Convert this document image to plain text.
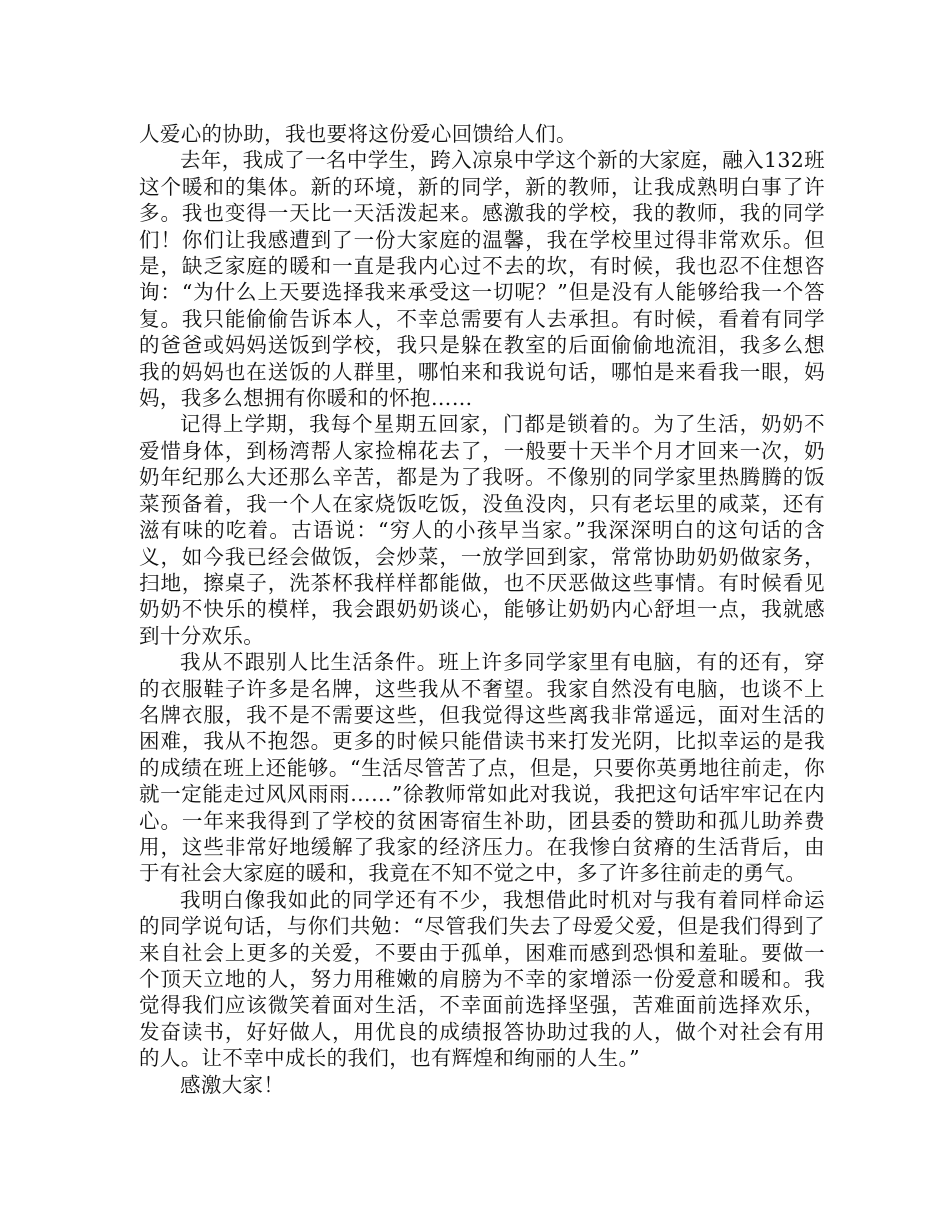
人爱心的协助，我也要将这份爱心回馈给人们。

去年，我成了一名中学生，跨入凉泉中学这个新的大家庭，融入132班这个暖和的集体。新的环境，新的同学，新的教师，让我成熟明白事了许多。我也变得一天比一天活泼起来。感激我的学校，我的教师，我的同学们！你们让我感遭到了一份大家庭的温馨，我在学校里过得非常欢乐。但是，缺乏家庭的暖和一直是我内心过不去的坎，有时候，我也忍不住想咨询：“为什么上天要选择我来承受这一切呢？”但是没有人能够给我一个答复。我只能偷偷告诉本人，不幸总需要有人去承担。有时候，看着有同学的爸爸或妈妈送饭到学校，我只是躲在教室的后面偷偷地流泪，我多么想我的妈妈也在送饭的人群里，哪怕来和我说句话，哪怕是来看我一眼，妈妈，我多么想拥有你暖和的怀抱……

记得上学期，我每个星期五回家，门都是锁着的。为了生活，奶奶不爱惜身体，到杨湾帮人家捡棉花去了，一般要十天半个月才回来一次，奶奶年纪那么大还那么辛苦，都是为了我呀。不像别的同学家里热腾腾的饭菜预备着，我一个人在家烧饭吃饭，没鱼没肉，只有老坛里的咸菜，还有滋有味的吃着。古语说：“穷人的小孩早当家。”我深深明白的这句话的含义，如今我已经会做饭，会炒菜，一放学回到家，常常协助奶奶做家务，扫地，擦桌子，洗茶杯我样样都能做，也不厌恶做这些事情。有时候看见奶奶不快乐的模样，我会跟奶奶谈心，能够让奶奶内心舒坦一点，我就感到十分欢乐。

我从不跟别人比生活条件。班上许多同学家里有电脑，有的还有，穿的衣服鞋子许多是名牌，这些我从不奢望。我家自然没有电脑，也谈不上名牌衣服，我不是不需要这些，但我觉得这些离我非常遥远，面对生活的困难，我从不抱怨。更多的时候只能借读书来打发光阴，比拟幸运的是我的成绩在班上还能够。“生活尽管苦了点，但是，只要你英勇地往前走，你就一定能走过风风雨雨……”徐教师常如此对我说，我把这句话牢牢记在内心。一年来我得到了学校的贫困寄宿生补助，团县委的赞助和孤儿助养费用，这些非常好地缓解了我家的经济压力。在我惨白贫瘠的生活背后，由于有社会大家庭的暖和，我竟在不知不觉之中，多了许多往前走的勇气。

我明白像我如此的同学还有不少，我想借此时机对与我有着同样命运的同学说句话，与你们共勉：“尽管我们失去了母爱父爱，但是我们得到了来自社会上更多的关爱，不要由于孤单，困难而感到恐惧和羞耻。要做一个顶天立地的人，努力用稚嫩的肩膀为不幸的家增添一份爱意和暖和。我觉得我们应该微笑着面对生活，不幸面前选择坚强，苦难面前选择欢乐，发奋读书，好好做人，用优良的成绩报答协助过我的人，做个对社会有用的人。让不幸中成长的我们，也有辉煌和绚丽的人生。”

感激大家！
